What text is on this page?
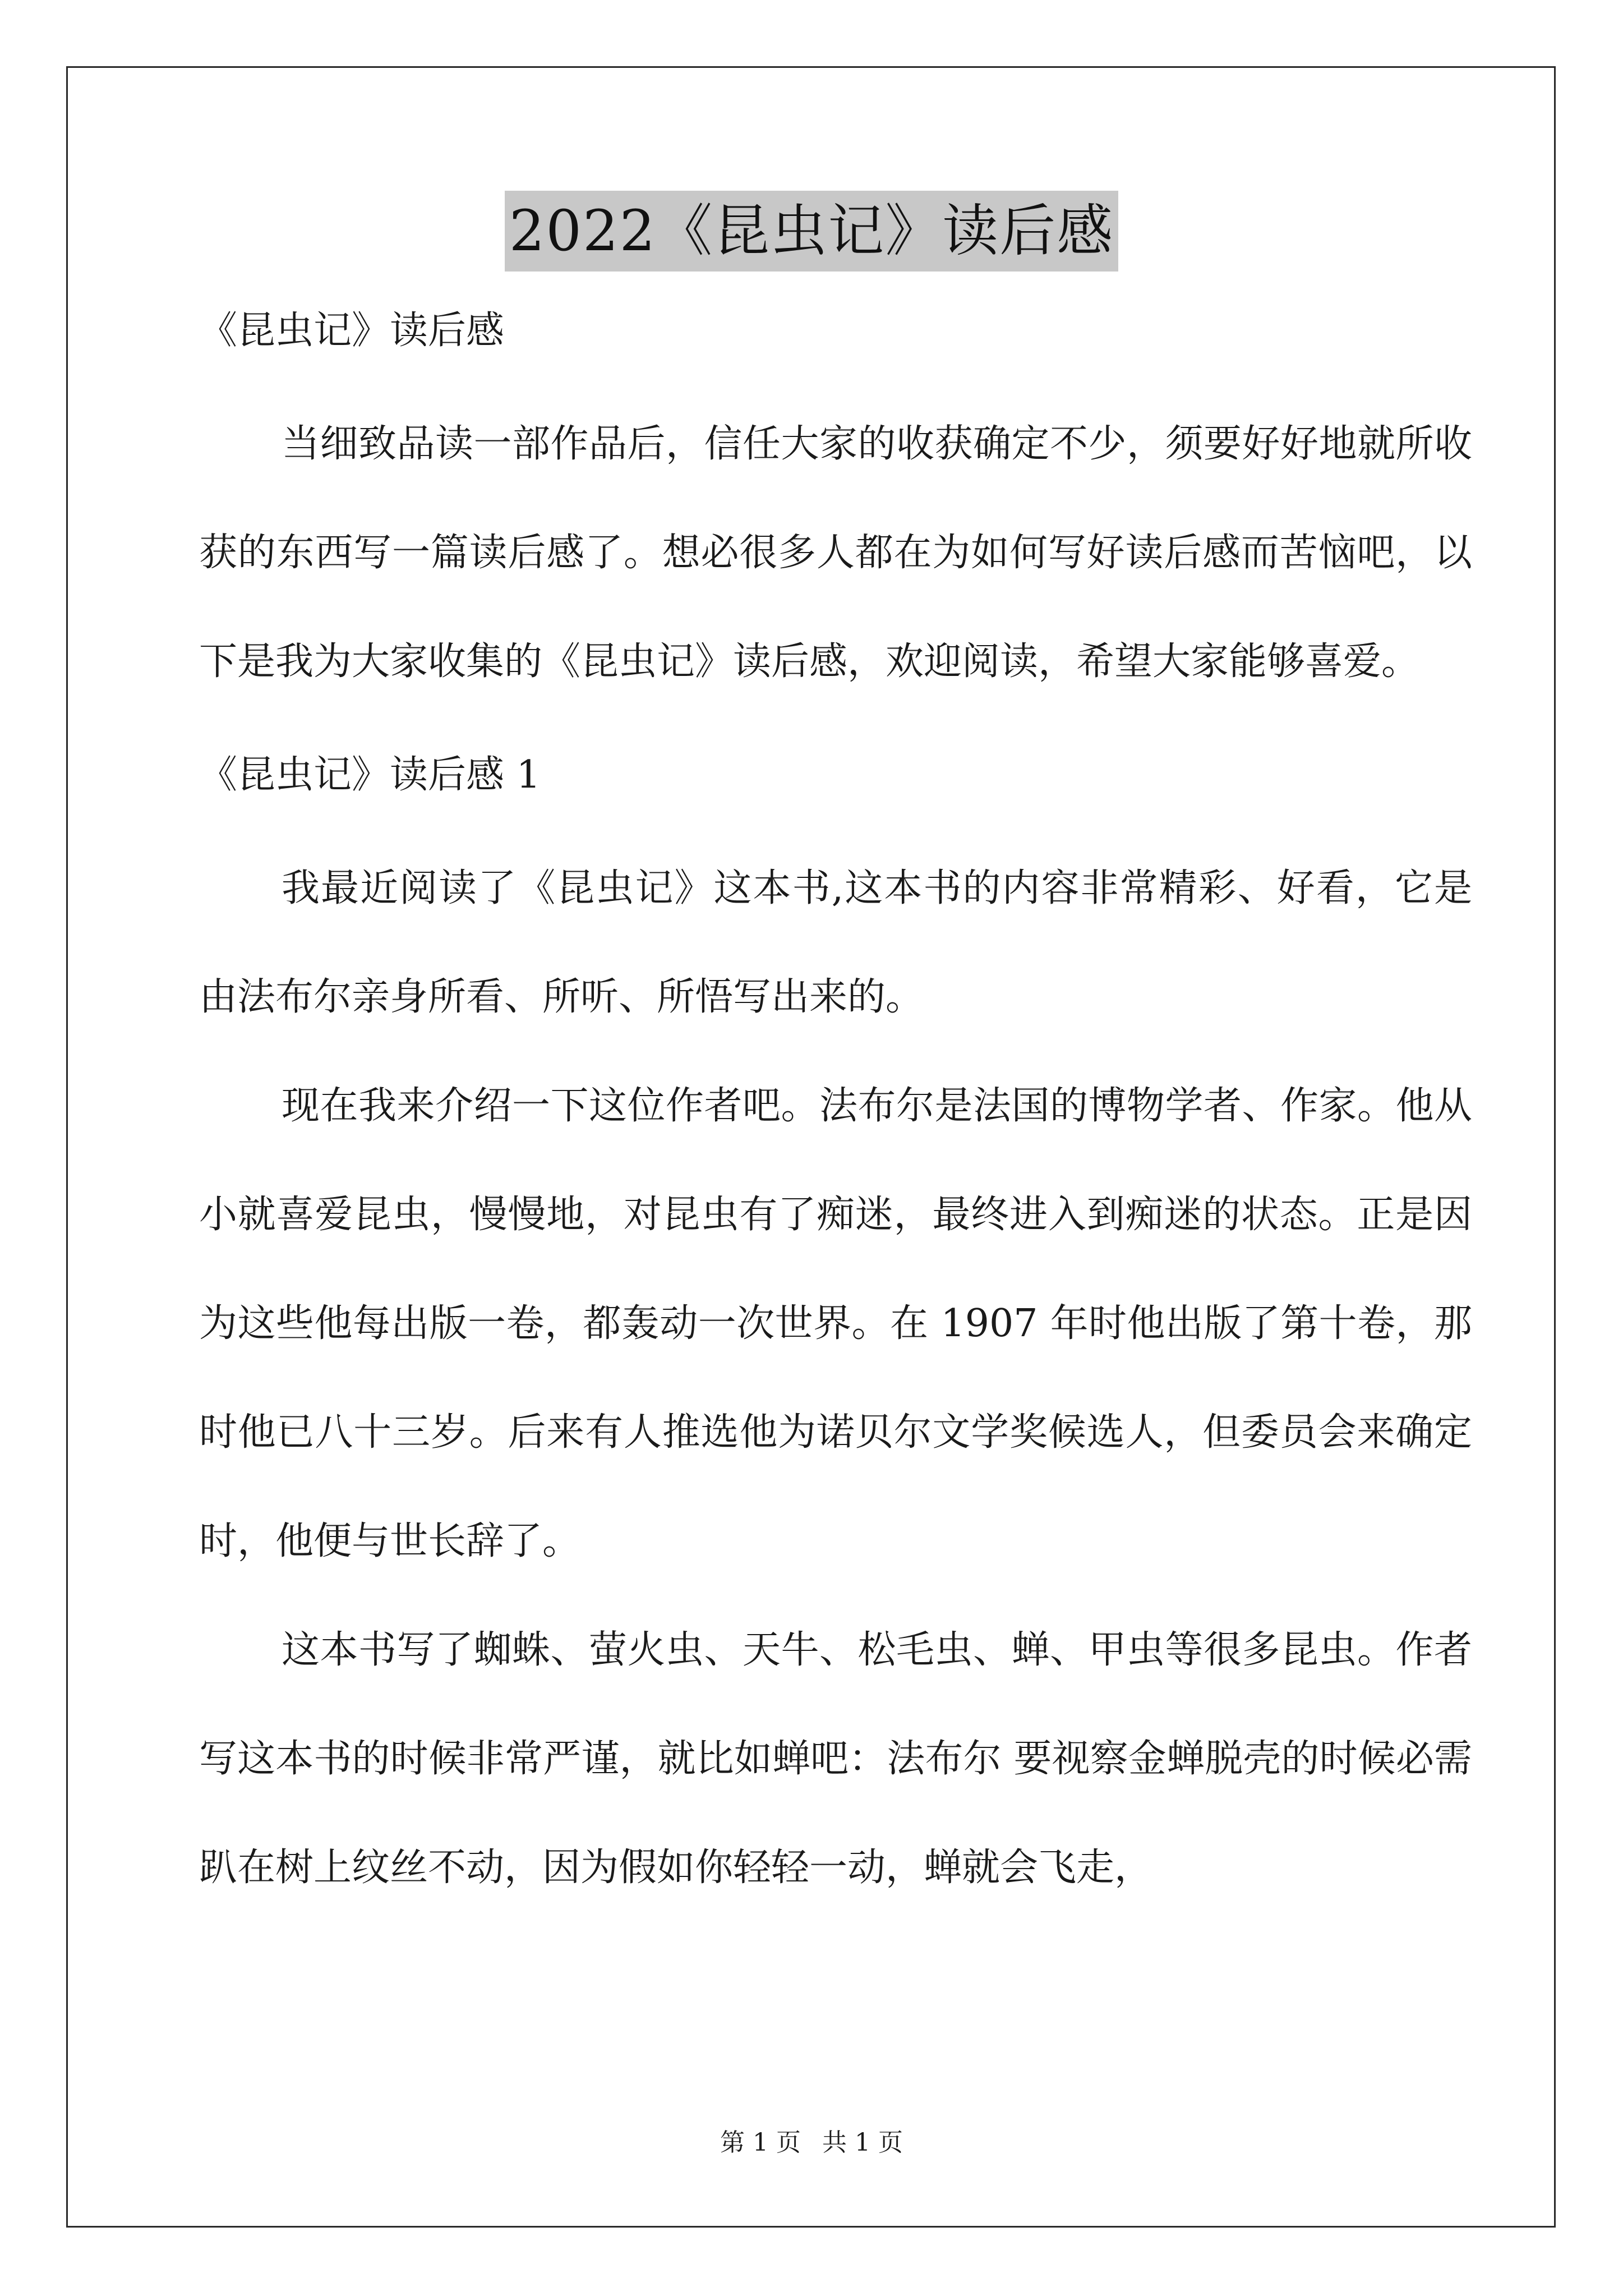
2022《昆虫记》读后感

《昆虫记》读后感

当细致品读一部作品后，信任大家的收获确定不少，须要好好地就所收获的东西写一篇读后感了。想必很多人都在为如何写好读后感而苦恼吧，以下是我为大家收集的《昆虫记》读后感，欢迎阅读，希望大家能够喜爱。

《昆虫记》读后感 1

我最近阅读了《昆虫记》这本书,这本书的内容非常精彩、好看，它是由法布尔亲身所看、所听、所悟写出来的。

现在我来介绍一下这位作者吧。法布尔是法国的博物学者、作家。他从小就喜爱昆虫，慢慢地，对昆虫有了痴迷，最终进入到痴迷的状态。正是因为这些他每出版一卷，都轰动一次世界。在 1907 年时他出版了第十卷，那时他已八十三岁。后来有人推选他为诺贝尔文学奖候选人，但委员会来确定时，他便与世长辞了。

这本书写了蜘蛛、萤火虫、天牛、松毛虫、蝉、甲虫等很多昆虫。作者写这本书的时候非常严谨，就比如蝉吧：法布尔 要视察金蝉脱壳的时候必需趴在树上纹丝不动，因为假如你轻轻一动，蝉就会飞走，

第 1 页 共 1 页
